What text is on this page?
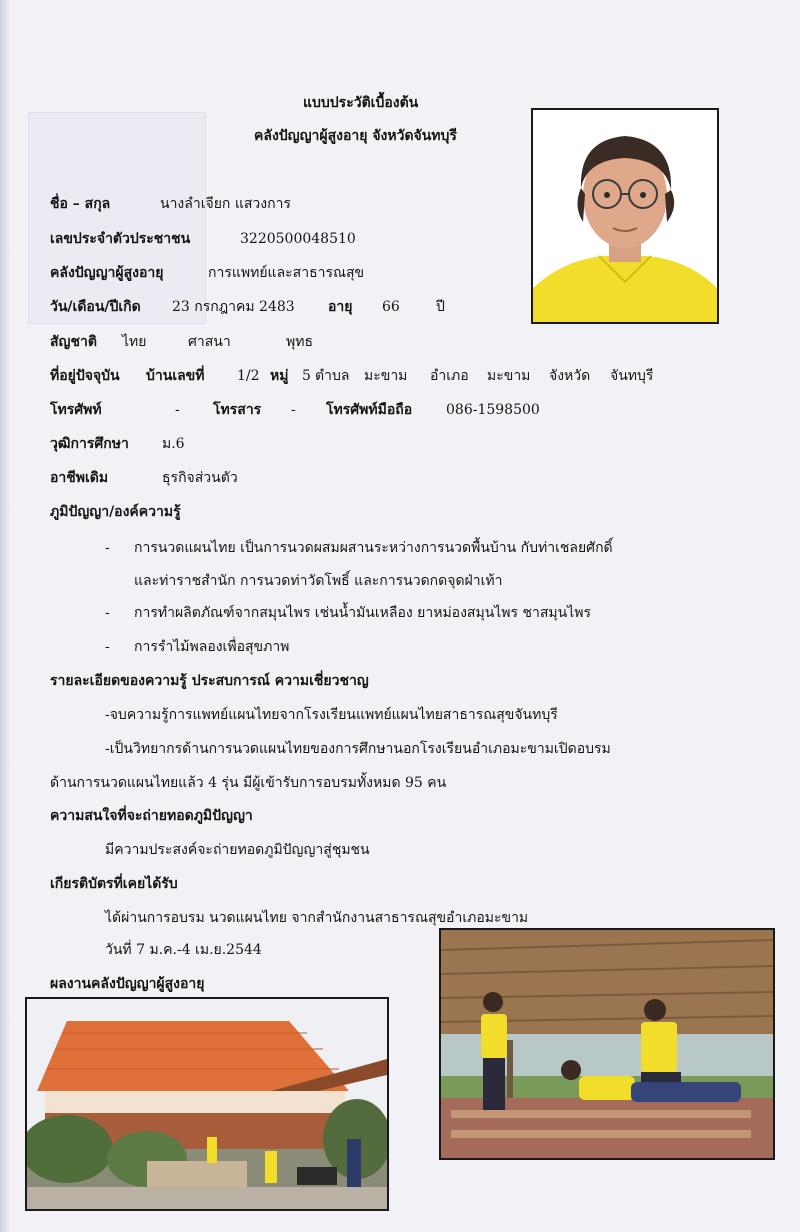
แบบประวัติเบื้องต้น
คลังปัญญาผู้สูงอายุ จังหวัดจันทบุรี
ชื่อ – สกุล	นางลำเจียก แสวงการ
เลขประจำตัวประชาชน	3220500048510
คลังปัญญาผู้สูงอายุ	การแพทย์และสาธารณสุข
วัน/เดือน/ปีเกิด 23 กรกฎาคม 2483 อายุ 66	ปี
สัญชาติ ไทย	ศาสนา	พุทธ
ที่อยู่ปัจจุบัน บ้านเลขที่ 1/2 หมู่ 5 ตำบล มะขาม อำเภอ มะขาม จังหวัด จันทบุรี
โทรศัพท์	- โทรสาร - โทรศัพท์มือถือ 086-1598500
วุฒิการศึกษา ม.6
อาชีพเดิม	ธุรกิจส่วนตัว
ภูมิปัญญา/องค์ความรู้
- การนวดแผนไทย เป็นการนวดผสมผสานระหว่างการนวดพื้นบ้าน กับท่าเชลยศักดิ์
และท่าราชสำนัก การนวดท่าวัดโพธิ์ และการนวดกดจุดฝ่าเท้า
- การทำผลิตภัณฑ์จากสมุนไพร เช่นน้ำมันเหลือง ยาหม่องสมุนไพร ชาสมุนไพร
- การรำไม้พลองเพื่อสุขภาพ
รายละเอียดของความรู้ ประสบการณ์ ความเชี่ยวชาญ
-จบความรู้การแพทย์แผนไทยจากโรงเรียนแพทย์แผนไทยสาธารณสุขจันทบุรี
-เป็นวิทยากรด้านการนวดแผนไทยของการศึกษานอกโรงเรียนอำเภอมะขามเปิดอบรม
ด้านการนวดแผนไทยแล้ว 4 รุ่น มีผู้เข้ารับการอบรมทั้งหมด 95 คน
ความสนใจที่จะถ่ายทอดภูมิปัญญา
มีความประสงค์จะถ่ายทอดภูมิปัญญาสู่ชุมชน
เกียรติบัตรที่เคยได้รับ
ได้ผ่านการอบรม นวดแผนไทย จากสำนักงานสาธารณสุขอำเภอมะขาม
วันที่ 7 ม.ค.-4 เม.ย.2544
ผลงานคลังปัญญาผู้สูงอายุ
